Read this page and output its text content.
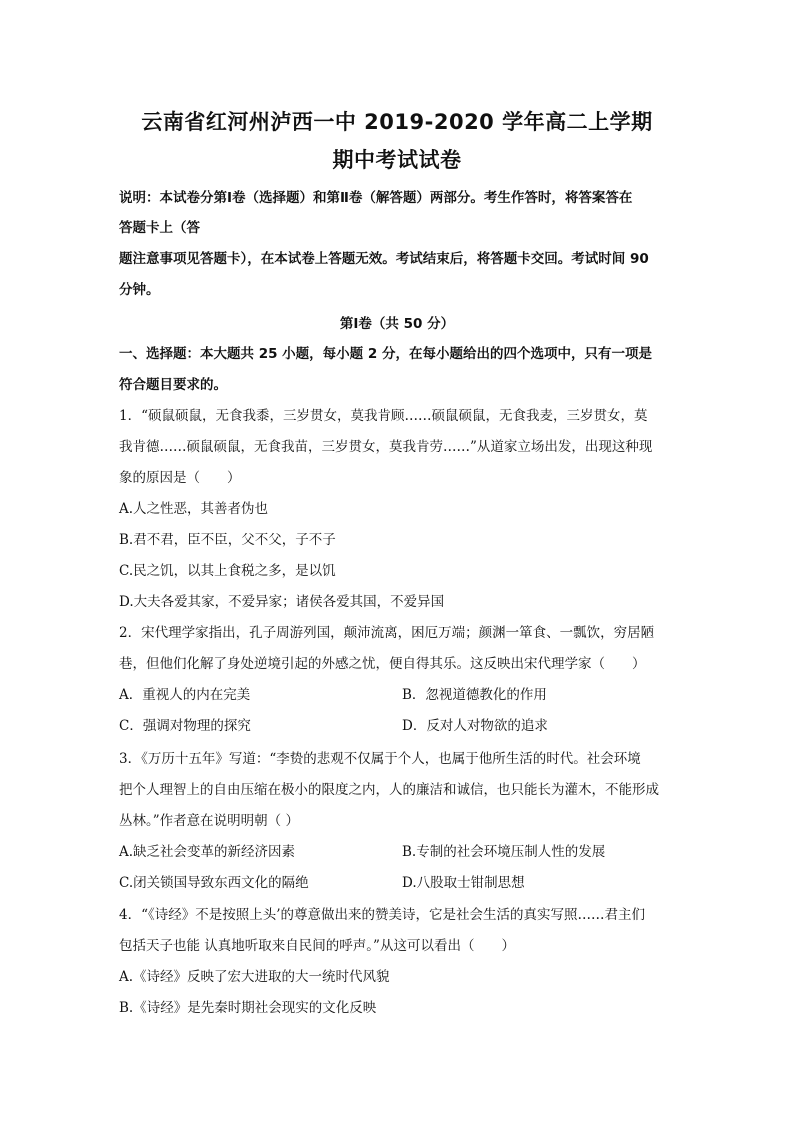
云南省红河州泸西一中 2019-2020 学年高二上学期
期中考试试卷
说明：本试卷分第Ⅰ卷（选择题）和第Ⅱ卷（解答题）两部分。考生作答时，将答案答在
答题卡上（答
题注意事项见答题卡），在本试卷上答题无效。考试结束后，将答题卡交回。考试时间 90
分钟。
第Ⅰ卷（共 50 分）
一、选择题：本大题共 25 小题，每小题 2 分，在每小题给出的四个选项中，只有一项是
符合题目要求的。
1．“硕鼠硕鼠，无食我黍，三岁贯女，莫我肯顾……硕鼠硕鼠，无食我麦，三岁贯女，莫
我肯德……硕鼠硕鼠，无食我苗，三岁贯女，莫我肯劳……”从道家立场出发，出现这种现
象的原因是（　　）
A.人之性恶，其善者伪也
B.君不君，臣不臣，父不父，子不子
C.民之饥，以其上食税之多，是以饥
D.大夫各爱其家，不爱异家；诸侯各爱其国，不爱异国
2．宋代理学家指出，孔子周游列国，颠沛流离，困厄万端；颜渊一箪食、一瓢饮，穷居陋
巷，但他们化解了身处逆境引起的外感之忧，便自得其乐。这反映出宋代理学家（　　）
A．重视人的内在完美	B．忽视道德教化的作用
C．强调对物理的探究	D．反对人对物欲的追求
3．《万历十五年》写道：“李贽的悲观不仅属于个人，也属于他所生活的时代。社会环境
把个人理智上的自由压缩在极小的限度之内，人的廉洁和诚信，也只能长为灌木，不能形成
丛林。”作者意在说明明朝（ ）
A.缺乏社会变革的新经济因素	B.专制的社会环境压制人性的发展
C.闭关锁国导致东西文化的隔绝	D.八股取士钳制思想
4．“《诗经》不是按照上头’的尊意做出来的赞美诗，它是社会生活的真实写照……君主们
包括天子也能 认真地听取来自民间的呼声。”从这可以看出（　　）
A.《诗经》反映了宏大进取的大一统时代风貌
B.《诗经》是先秦时期社会现实的文化反映
